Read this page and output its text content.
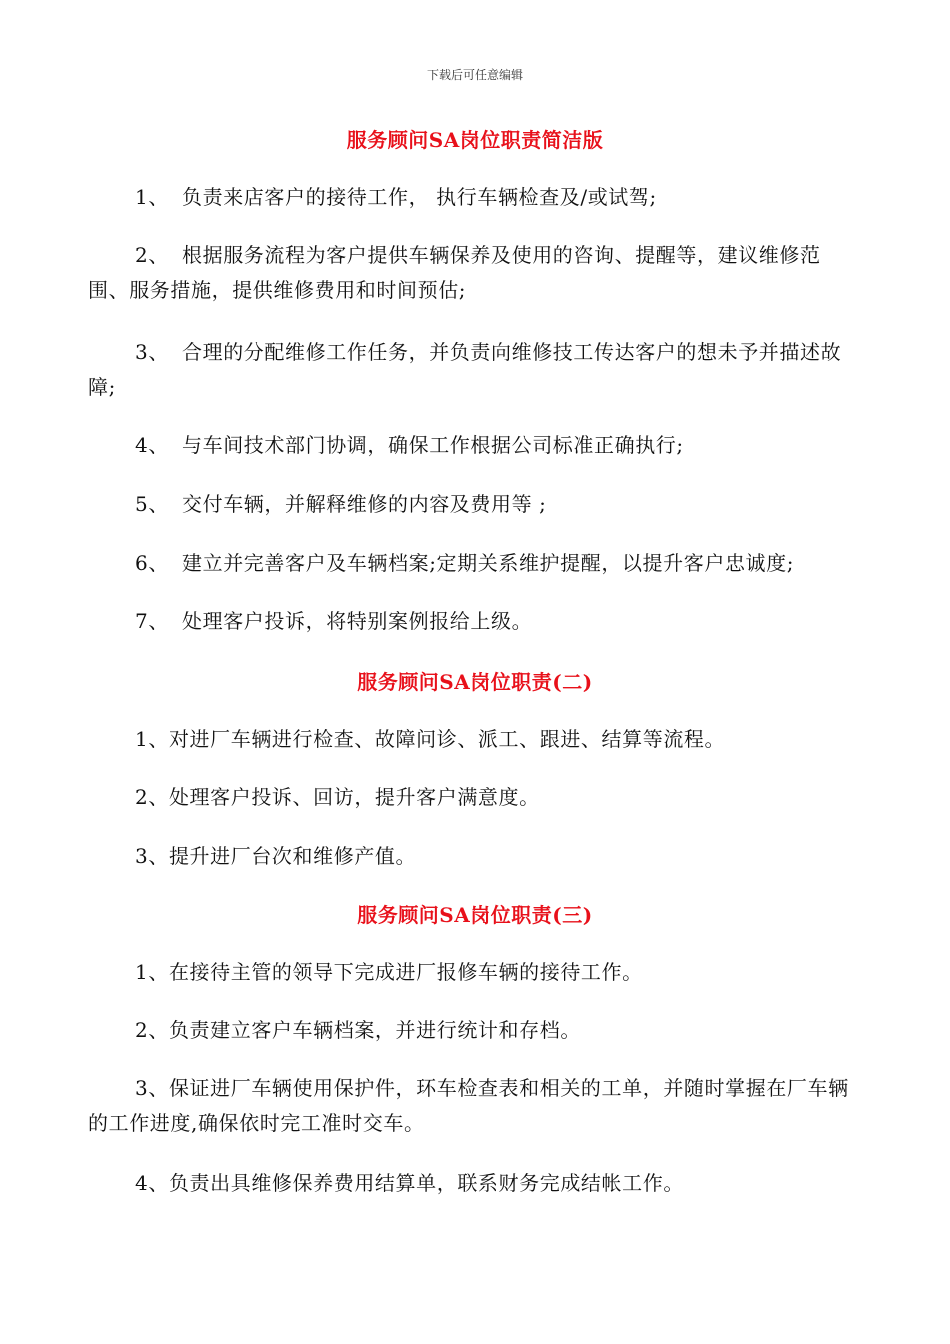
下载后可任意编辑
服务顾问SA岗位职责简洁版

1、 负责来店客户的接待工作， 执行车辆检查及/或试驾;

2、 根据服务流程为客户提供车辆保养及使用的咨询、提醒等，建议维修范围、服务措施，提供维修费用和时间预估;

3、 合理的分配维修工作任务，并负责向维修技工传达客户的想未予并描述故障;

4、 与车间技术部门协调，确保工作根据公司标准正确执行;

5、 交付车辆，并解释维修的内容及费用等 ;

6、 建立并完善客户及车辆档案;定期关系维护提醒，以提升客户忠诚度;

7、 处理客户投诉，将特别案例报给上级。

服务顾问SA岗位职责(二)

1、对进厂车辆进行检查、故障问诊、派工、跟进、结算等流程。

2、处理客户投诉、回访，提升客户满意度。

3、提升进厂台次和维修产值。

服务顾问SA岗位职责(三)

1、在接待主管的领导下完成进厂报修车辆的接待工作。

2、负责建立客户车辆档案，并进行统计和存档。

3、保证进厂车辆使用保护件，环车检查表和相关的工单，并随时掌握在厂车辆的工作进度,确保依时完工准时交车。

4、负责出具维修保养费用结算单，联系财务完成结帐工作。
